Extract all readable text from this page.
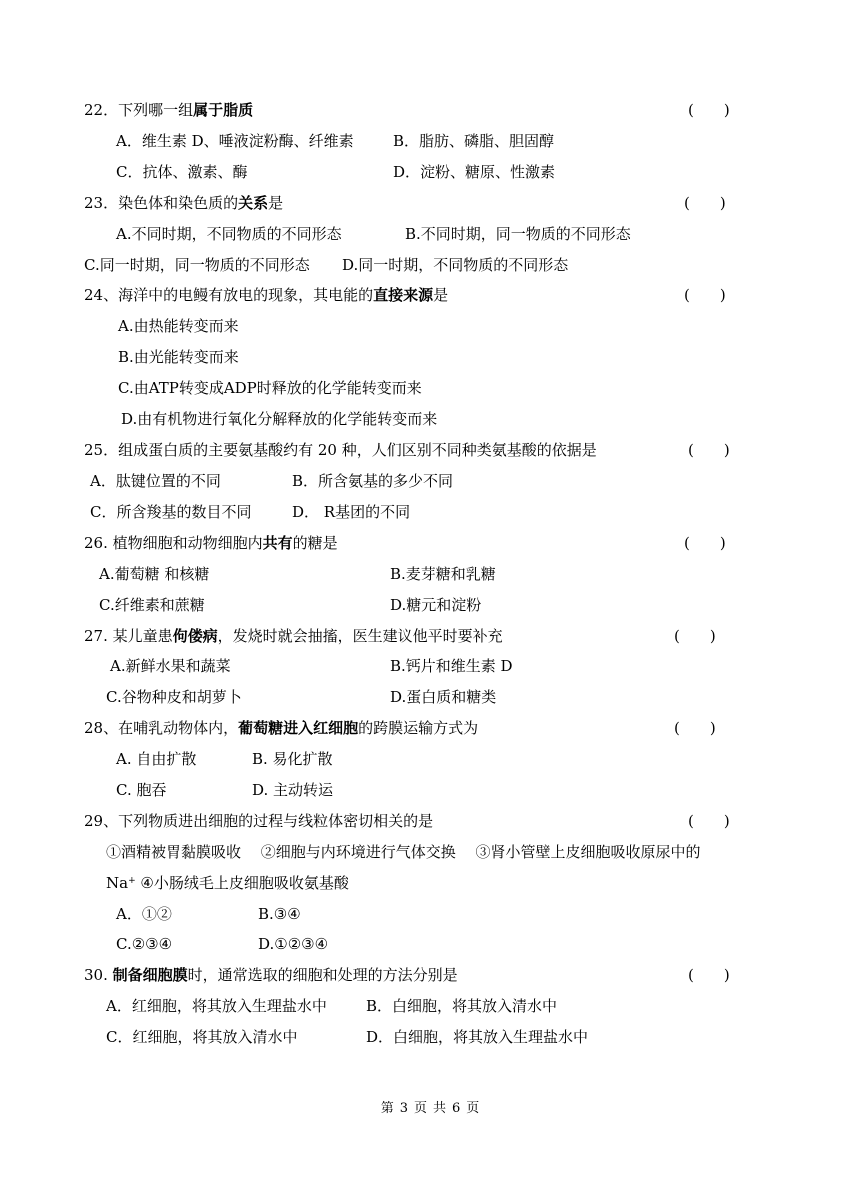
22．下列哪一组属于脂质	(　　)
A．维生素 D、唾液淀粉酶、纤维素	B．脂肪、磷脂、胆固醇
C．抗体、激素、酶	D．淀粉、糖原、性激素
23．染色体和染色质的关系是	(　　)
A.不同时期，不同物质的不同形态	B.不同时期，同一物质的不同形态
C.同一时期，同一物质的不同形态 D.同一时期，不同物质的不同形态
24、海洋中的电鳗有放电的现象，其电能的直接来源是	(　　)
A.由热能转变而来
B.由光能转变而来
C.由ATP转变成ADP时释放的化学能转变而来
D.由有机物进行氧化分解释放的化学能转变而来
25．组成蛋白质的主要氨基酸约有 20 种，人们区别不同种类氨基酸的依据是	(　　)
A．肽键位置的不同	B．所含氨基的多少不同
C．所含羧基的数目不同	D． R基团的不同
26. 植物细胞和动物细胞内共有的糖是	(　　)
A.葡萄糖 和核糖	B.麦芽糖和乳糖
C.纤维素和蔗糖	D.糖元和淀粉
27. 某儿童患佝偻病，发烧时就会抽搐，医生建议他平时要补充	(　　)
A.新鲜水果和蔬菜	B.钙片和维生素 D
C.谷物种皮和胡萝卜	D.蛋白质和糖类
28、在哺乳动物体内，葡萄糖进入红细胞的跨膜运输方式为	(　　)
A. 自由扩散	B. 易化扩散
C. 胞吞	D. 主动转运
29、下列物质进出细胞的过程与线粒体密切相关的是	(　　)
①酒精被胃黏膜吸收　 ②细胞与内环境进行气体交换　 ③肾小管壁上皮细胞吸收原尿中的
Na+ ④小肠绒毛上皮细胞吸收氨基酸
A．①②	B.③④
C.②③④	D.①②③④
30. 制备细胞膜时，通常选取的细胞和处理的方法分别是	(　　)
A．红细胞，将其放入生理盐水中	B．白细胞，将其放入清水中
C．红细胞，将其放入清水中	D．白细胞，将其放入生理盐水中
第 3 页 共 6 页
